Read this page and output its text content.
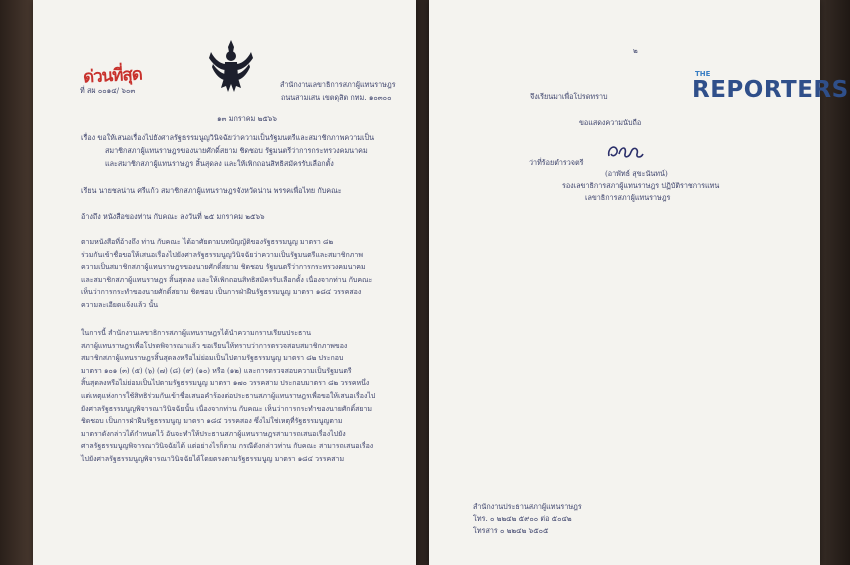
ด่วนที่สุด
ที่ สผ ๐๐๑๔/ ๖๐๓
สำนักงานเลขาธิการสภาผู้แทนราษฎร
ถนนสามเสน เขตดุสิต กทม. ๑๐๓๐๐
๑๓ มกราคม ๒๕๖๖
เรื่อง ขอให้เสนอเรื่องไปยังศาลรัฐธรรมนูญวินิจฉัยว่าความเป็นรัฐมนตรีและสมาชิกภาพความเป็น
สมาชิกสภาผู้แทนราษฎรของนายศักดิ์สยาม ชิดชอบ รัฐมนตรีว่าการกระทรวงคมนาคม
และสมาชิกสภาผู้แทนราษฎร สิ้นสุดลง และให้เพิกถอนสิทธิสมัครรับเลือกตั้ง
เรียน นายชลน่าน ศรีแก้ว สมาชิกสภาผู้แทนราษฎรจังหวัดน่าน พรรคเพื่อไทย กับคณะ
อ้างถึง หนังสือของท่าน กับคณะ ลงวันที่ ๒๕ มกราคม ๒๕๖๖
ตามหนังสือที่อ้างถึง ท่าน กับคณะ ได้อาศัยตามบทบัญญัติของรัฐธรรมนูญ มาตรา ๘๒
ร่วมกันเข้าชื่อขอให้เสนอเรื่องไปยังศาลรัฐธรรมนูญวินิจฉัยว่าความเป็นรัฐมนตรีและสมาชิกภาพ
ความเป็นสมาชิกสภาผู้แทนราษฎรของนายศักดิ์สยาม ชิดชอบ รัฐมนตรีว่าการกระทรวงคมนาคม
และสมาชิกสภาผู้แทนราษฎร สิ้นสุดลง และให้เพิกถอนสิทธิสมัครรับเลือกตั้ง เนื่องจากท่าน กับคณะ
เห็นว่าการกระทำของนายศักดิ์สยาม ชิดชอบ เป็นการฝ่าฝืนรัฐธรรมนูญ มาตรา ๑๘๔ วรรคสอง
ความละเอียดแจ้งแล้ว นั้น
ในการนี้ สำนักงานเลขาธิการสภาผู้แทนราษฎรได้นำความกราบเรียนประธาน
สภาผู้แทนราษฎรเพื่อโปรดพิจารณาแล้ว ขอเรียนให้ทราบว่าการตรวจสอบสมาชิกภาพของ
สมาชิกสภาผู้แทนราษฎรสิ้นสุดลงหรือไม่ย่อมเป็นไปตามรัฐธรรมนูญ มาตรา ๘๒ ประกอบ
มาตรา ๑๐๑ (๓) (๕) (๖) (๗) (๘) (๙) (๑๐) หรือ (๑๒) และการตรวจสอบความเป็นรัฐมนตรี
สิ้นสุดลงหรือไม่ย่อมเป็นไปตามรัฐธรรมนูญ มาตรา ๑๗๐ วรรคสาม ประกอบมาตรา ๘๒ วรรคหนึ่ง
แต่เหตุแห่งการใช้สิทธิร่วมกันเข้าชื่อเสนอคำร้องต่อประธานสภาผู้แทนราษฎรเพื่อขอให้เสนอเรื่องไป
ยังศาลรัฐธรรมนูญพิจารณาวินิจฉัยนั้น เนื่องจากท่าน กับคณะ เห็นว่าการกระทำของนายศักดิ์สยาม
ชิดชอบ เป็นการฝ่าฝืนรัฐธรรมนูญ มาตรา ๑๘๔ วรรคสอง ซึ่งไม่ใช่เหตุที่รัฐธรรมนูญตาม
มาตราดังกล่าวได้กำหนดไว้ อันจะทำให้ประธานสภาผู้แทนราษฎรสามารถเสนอเรื่องไปยัง
ศาลรัฐธรรมนูญพิจารณาวินิจฉัยได้ แต่อย่างไรก็ตาม กรณีดังกล่าวท่าน กับคณะ สามารถเสนอเรื่อง
ไปยังศาลรัฐธรรมนูญพิจารณาวินิจฉัยได้โดยตรงตามรัฐธรรมนูญ มาตรา ๑๘๔ วรรคสาม
๒
จึงเรียนมาเพื่อโปรดทราบ
ขอแสดงความนับถือ
ว่าที่ร้อยตำรวจตรี
(อาพัทธ์ สุขะนันทน์)
รองเลขาธิการสภาผู้แทนราษฎร ปฏิบัติราชการแทน
เลขาธิการสภาผู้แทนราษฎร
สำนักงานประธานสภาผู้แทนราษฎร
โทร. ๐ ๒๒๔๒ ๕๙๐๐ ต่อ ๕๐๔๒
โทรสาร ๐ ๒๒๔๒ ๖๕๐๕
THE
REPORTERS
